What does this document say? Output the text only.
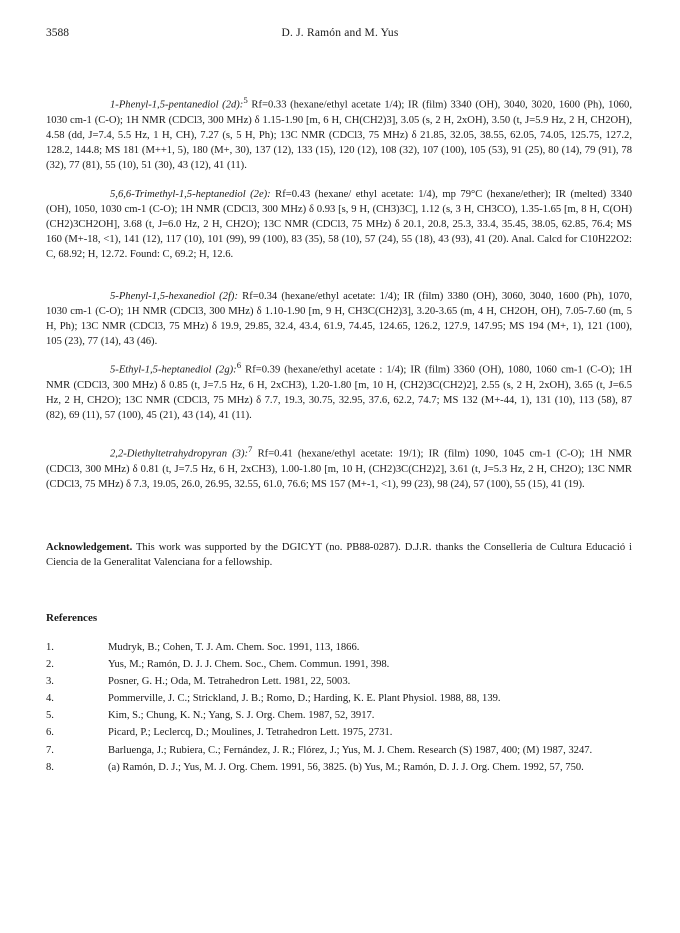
3588	D. J. Ramón and M. Yus

1-Phenyl-1,5-pentanediol (2d):$^5$ Rf=0.33 (hexane/ethyl acetate 1/4); IR (film) 3340 (OH), 3040, 3020, 1600 (Ph), 1060, 1030 cm-1 (C-O); 1H NMR (CDCl3, 300 MHz) δ 1.15-1.90 [m, 6 H, CH(CH2)3], 3.05 (s, 2 H, 2xOH), 3.50 (t, J=5.9 Hz, 2 H, CH2OH), 4.58 (dd, J=7.4, 5.5 Hz, 1 H, CH), 7.27 (s, 5 H, Ph); 13C NMR (CDCl3, 75 MHz) δ 21.85, 32.05, 38.55, 62.05, 74.05, 125.75, 127.2, 128.2, 144.8; MS 181 (M++1, 5), 180 (M+, 30), 137 (12), 133 (15), 120 (12), 108 (32), 107 (100), 105 (53), 91 (25), 80 (14), 79 (91), 78 (32), 77 (81), 55 (10), 51 (30), 43 (12), 41 (11).

5,6,6-Trimethyl-1,5-heptanediol (2e): Rf=0.43 (hexane/ ethyl acetate: 1/4), mp 79°C (hexane/ether); IR (melted) 3340 (OH), 1050, 1030 cm-1 (C-O); 1H NMR (CDCl3, 300 MHz) δ 0.93 [s, 9 H, (CH3)3C], 1.12 (s, 3 H, CH3CO), 1.35-1.65 [m, 8 H, C(OH)(CH2)3CH2OH], 3.68 (t, J=6.0 Hz, 2 H, CH2O); 13C NMR (CDCl3, 75 MHz) δ 20.1, 20.8, 25.3, 33.4, 35.45, 38.05, 62.85, 76.4; MS 160 (M+-18, <1), 141 (12), 117 (10), 101 (99), 99 (100), 83 (35), 58 (10), 57 (24), 55 (18), 43 (93), 41 (20). Anal. Calcd for C10H22O2: C, 68.92; H, 12.72. Found: C, 69.2; H, 12.6.

5-Phenyl-1,5-hexanediol (2f): Rf=0.34 (hexane/ethyl acetate: 1/4); IR (film) 3380 (OH), 3060, 3040, 1600 (Ph), 1070, 1030 cm-1 (C-O); 1H NMR (CDCl3, 300 MHz) δ 1.10-1.90 [m, 9 H, CH3C(CH2)3], 3.20-3.65 (m, 4 H, CH2OH, OH), 7.05-7.60 (m, 5 H, Ph); 13C NMR (CDCl3, 75 MHz) δ 19.9, 29.85, 32.4, 43.4, 61.9, 74.45, 124.65, 126.2, 127.9, 147.95; MS 194 (M+, 1), 121 (100), 105 (23), 77 (14), 43 (46).

5-Ethyl-1,5-heptanediol (2g):$^6$ Rf=0.39 (hexane/ethyl acetate : 1/4); IR (film) 3360 (OH), 1080, 1060 cm-1 (C-O); 1H NMR (CDCl3, 300 MHz) δ 0.85 (t, J=7.5 Hz, 6 H, 2xCH3), 1.20-1.80 [m, 10 H, (CH2)3C(CH2)2], 2.55 (s, 2 H, 2xOH), 3.65 (t, J=6.5 Hz, 2 H, CH2O); 13C NMR (CDCl3, 75 MHz) δ 7.7, 19.3, 30.75, 32.95, 37.6, 62.2, 74.7; MS 132 (M+-44, 1), 131 (10), 113 (58), 87 (82), 69 (11), 57 (100), 45 (21), 43 (14), 41 (11).

2,2-Diethyltetrahydropyran (3):$^7$ Rf=0.41 (hexane/ethyl acetate: 19/1); IR (film) 1090, 1045 cm-1 (C-O); 1H NMR (CDCl3, 300 MHz) δ 0.81 (t, J=7.5 Hz, 6 H, 2xCH3), 1.00-1.80 [m, 10 H, (CH2)3C(CH2)2], 3.61 (t, J=5.3 Hz, 2 H, CH2O); 13C NMR (CDCl3, 75 MHz) δ 7.3, 19.05, 26.0, 26.95, 32.55, 61.0, 76.6; MS 157 (M+-1, <1), 99 (23), 98 (24), 57 (100), 55 (15), 41 (19).

Acknowledgement. This work was supported by the DGICYT (no. PB88-0287). D.J.R. thanks the Conselleria de Cultura Educació i Ciencia de la Generalitat Valenciana for a fellowship.
References
1.	Mudryk, B.; Cohen, T. J. Am. Chem. Soc. 1991, 113, 1866.
2.	Yus, M.; Ramón, D. J. J. Chem. Soc., Chem. Commun. 1991, 398.
3.	Posner, G. H.; Oda, M. Tetrahedron Lett. 1981, 22, 5003.
4.	Pommerville, J. C.; Strickland, J. B.; Romo, D.; Harding, K. E. Plant Physiol. 1988, 88, 139.
5.	Kim, S.; Chung, K. N.; Yang, S. J. Org. Chem. 1987, 52, 3917.
6.	Picard, P.; Leclercq, D.; Moulines, J. Tetrahedron Lett. 1975, 2731.
7.	Barluenga, J.; Rubiera, C.; Fernández, J. R.; Flórez, J.; Yus, M. J. Chem. Research (S) 1987, 400; (M) 1987, 3247.
8.	(a) Ramón, D. J.; Yus, M. J. Org. Chem. 1991, 56, 3825. (b) Yus, M.; Ramón, D. J. J. Org. Chem. 1992, 57, 750.
